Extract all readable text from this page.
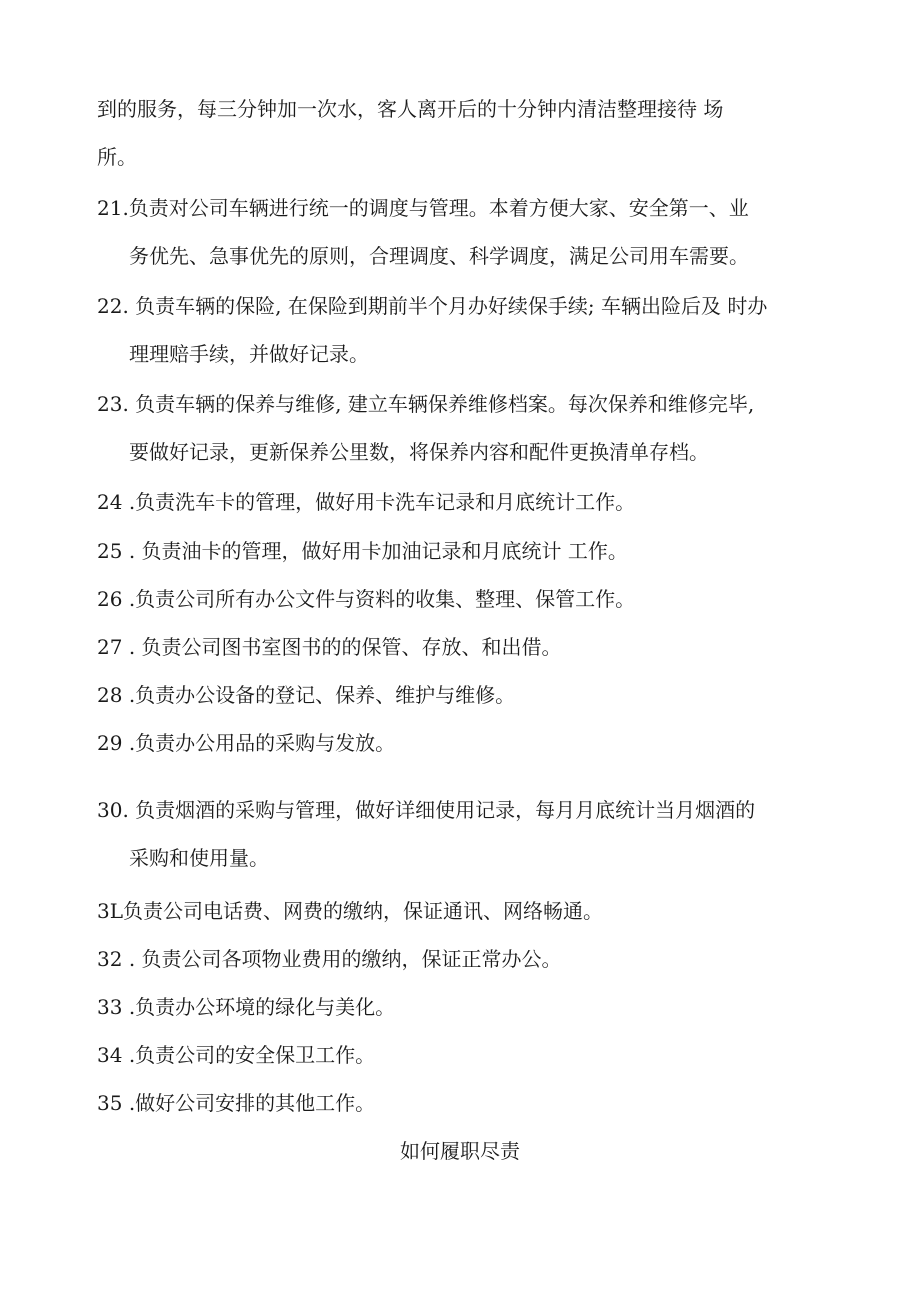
到的服务，每三分钟加一次水，客人离开后的十分钟内清洁整理接待 场
所。
21.负责对公司车辆进行统一的调度与管理。本着方便大家、安全第一、业
务优先、急事优先的原则，合理调度、科学调度，满足公司用车需要。
22. 负责车辆的保险, 在保险到期前半个月办好续保手续; 车辆出险后及 时办
理理赔手续，并做好记录。
23. 负责车辆的保养与维修, 建立车辆保养维修档案。每次保养和维修完毕,
要做好记录，更新保养公里数，将保养内容和配件更换清单存档。
24 .负责洗车卡的管理，做好用卡洗车记录和月底统计工作。
25 . 负责油卡的管理，做好用卡加油记录和月底统计 工作。
26 .负责公司所有办公文件与资料的收集、整理、保管工作。
27 . 负责公司图书室图书的的保管、存放、和出借。
28 .负责办公设备的登记、保养、维护与维修。
29 .负责办公用品的采购与发放。
30. 负责烟酒的采购与管理，做好详细使用记录，每月月底统计当月烟酒的
采购和使用量。
3L负责公司电话费、网费的缴纳，保证通讯、网络畅通。
32 . 负责公司各项物业费用的缴纳，保证正常办公。
33 .负责办公环境的绿化与美化。
34 .负责公司的安全保卫工作。
35 .做好公司安排的其他工作。
如何履职尽责
